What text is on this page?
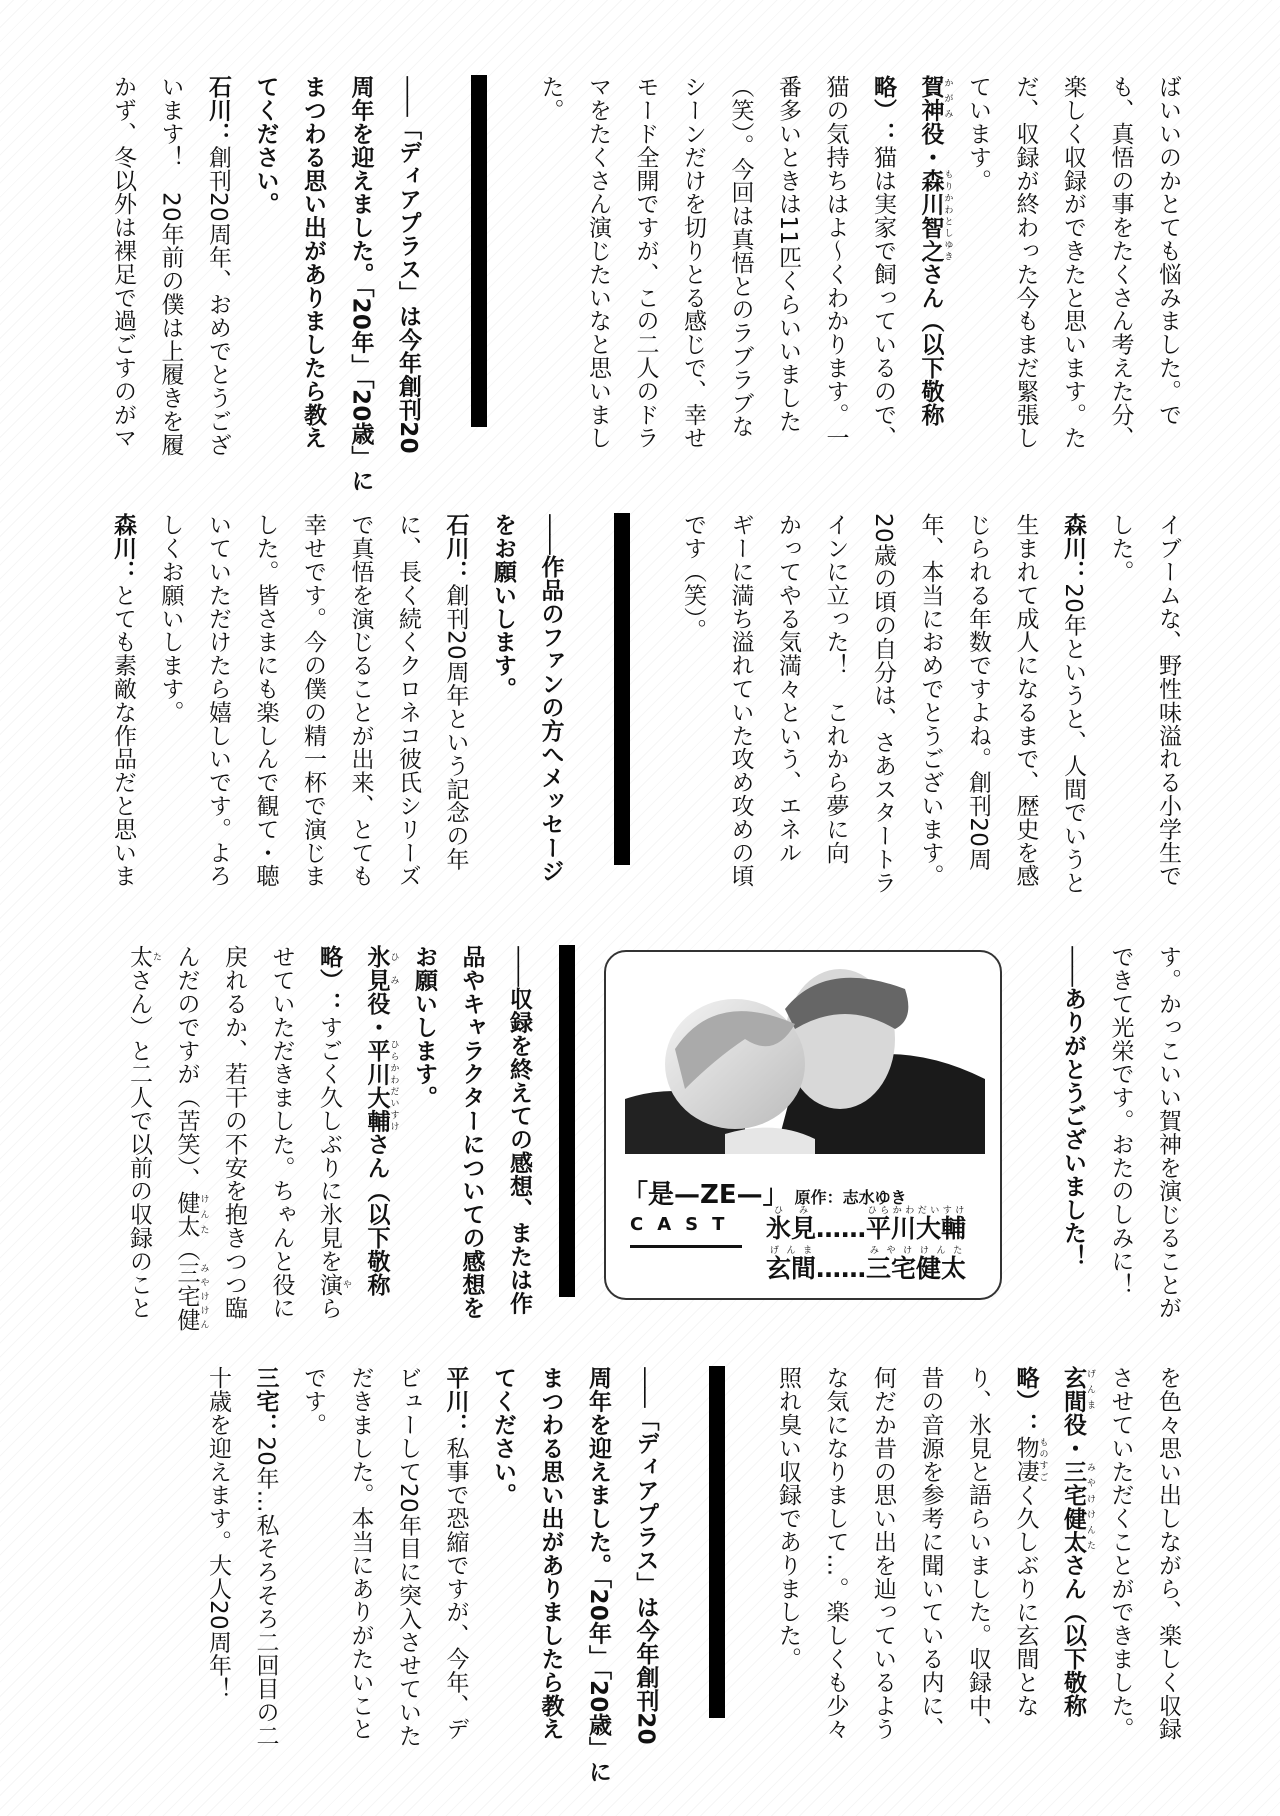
ばいいのかとても悩みました。で
も、真悟の事をたくさん考えた分、
楽しく収録ができたと思います。た
だ、収録が終わった今もまだ緊張し
ています。
賀神 かがみ役・森川智之 もりかわとしゆきさん（以下敬称
略）：猫は実家で飼っているので、
猫の気持ちはよ〜くわかります。一
番多いときは11匹くらいいました
（笑）。今回は真悟とのラブラブな
シーンだけを切りとる感じで、幸せ
モード全開ですが、この二人のドラ
マをたくさん演じたいなと思いまし
た。
——「ディアプラス」は今年創刊20
周年を迎えました。「20年」「20歳」に
まつわる思い出がありましたら教え
てください。
石川：創刊20周年、おめでとうござ
います！　20年前の僕は上履きを履
かず、冬以外は裸足で過ごすのがマ
イブームな、野性味溢れる小学生で
した。
森川：20年というと、人間でいうと
生まれて成人になるまで、歴史を感
じられる年数ですよね。創刊20周
年、本当におめでとうございます。
20歳の頃の自分は、さあスタートラ
インに立った！　これから夢に向
かってやる気満々という、エネル
ギーに満ち溢れていた攻め攻めの頃
です（笑）。
——作品のファンの方へメッセージ
をお願いします。
石川：創刊20周年という記念の年
に、長く続くクロネコ彼氏シリーズ
で真悟を演じることが出来、とても
幸せです。今の僕の精一杯で演じま
した。皆さまにも楽しんで観て・聴
いていただけたら嬉しいです。よろ
しくお願いします。
森川：とても素敵な作品だと思いま
す。かっこいい賀神を演じることが
できて光栄です。おたのしみに！
——ありがとうございました！
——収録を終えての感想、または作
品やキャラクターについての感想を
お願いします。
氷見 ひみ役・平川大輔 ひらかわだいすけさん（以下敬称
略）：すごく久しぶりに氷見を演 やら
せていただきました。ちゃんと役に
戻れるか、若干の不安を抱きつつ臨
んだのですが（苦笑）、健太 けんた（三宅健 みやけけん
太 たさん）と二人で以前の収録のこと
を色々思い出しながら、楽しく収録
させていただくことができました。
玄間 げんま役・三宅健太 みやけけんたさん（以下敬称
略）：物凄 ものすごく久しぶりに玄間とな
り、氷見と語らいました。収録中、
昔の音源を参考に聞いている内に、
何だか昔の思い出を辿っているよう
な気になりまして…。楽しくも少々
照れ臭い収録でありました。
——「ディアプラス」は今年創刊20
周年を迎えました。「20年」「20歳」に
まつわる思い出がありましたら教え
てください。
平川：私事で恐縮ですが、今年、デ
ビューして20年目に突入させていた
だきました。本当にありがたいこと
です。
三宅：20年…私そろそろ二回目の二
十歳を迎えます。大人20周年！
「是—ZE—」 原作：志水ゆき
CAST 氷見ひみ……平川大輔ひらかわだいすけ
玄間げんま……三宅健太みやけけんた
